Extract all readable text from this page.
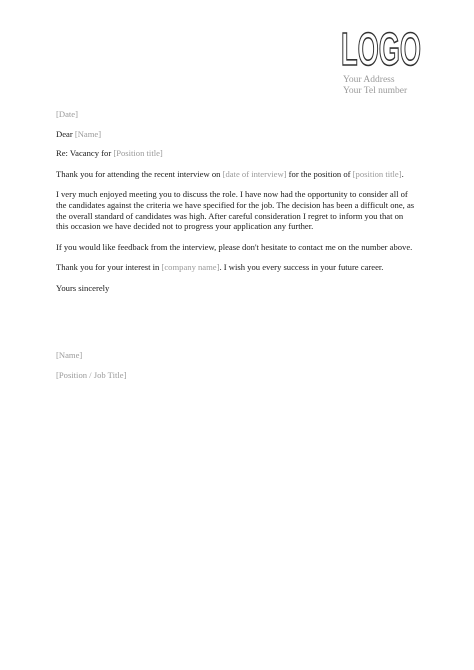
LOGO
Your Address
Your Tel number

[Date]

Dear [Name]

Re: Vacancy for [Position title]

Thank you for attending the recent interview on [date of interview] for the position of [position title].

I very much enjoyed meeting you to discuss the role. I have now had the opportunity to consider all of the candidates against the criteria we have specified for the job. The decision has been a difficult one, as the overall standard of candidates was high. After careful consideration I regret to inform you that on this occasion we have decided not to progress your application any further.

If you would like feedback from the interview, please don't hesitate to contact me on the number above.

Thank you for your interest in [company name]. I wish you every success in your future career.

Yours sincerely

[Name]

[Position / Job Title]
